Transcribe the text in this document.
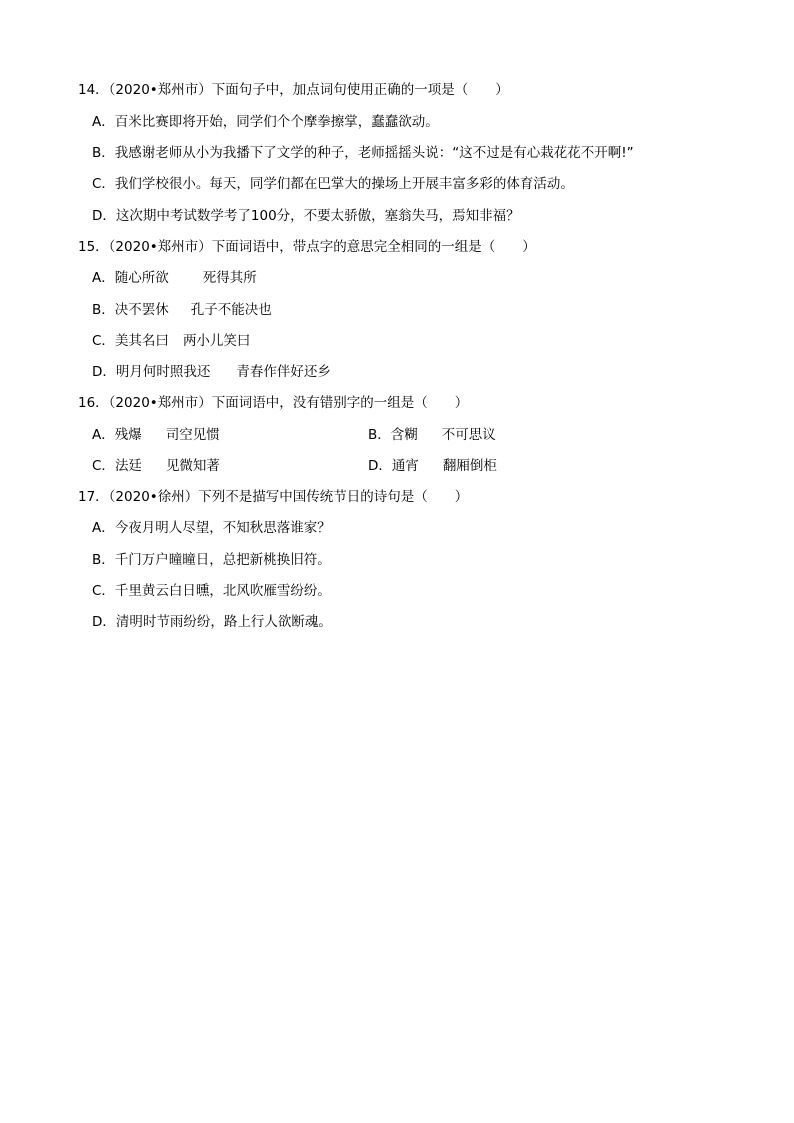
14．（2020•郑州市）下面句子中，加点词句使用正确的一项是（　　）
A．百米比赛即将开始，同学们个个摩拳擦掌，蠢蠢欲动。
B．我感谢老师从小为我播下了文学的种子，老师摇摇头说：“这不过是有心栽花花不开啊!”
C．我们学校很小。每天，同学们都在巴掌大的操场上开展丰富多彩的体育活动。
D．这次期中考试数学考了100分，不要太骄傲，塞翁失马，焉知非福？
15．（2020•郑州市）下面词语中，带点字的意思完全相同的一组是（　　）
A．随心所欲	死得其所
B．决不罢休 孔子不能决也
C．美其名曰 两小儿笑曰
D．明月何时照我还 青春作伴好还乡
16．（2020•郑州市）下面词语中，没有错别字的一组是（　　）
A．残爆 司空见惯	B．含糊 不可思议
C．法廷 见微知著	D．通宵 翻厢倒柜
17．（2020•徐州）下列不是描写中国传统节日的诗句是（　　）
A．今夜月明人尽望，不知秋思落谁家？
B．千门万户曈曈日，总把新桃换旧符。
C．千里黄云白日曛，北风吹雁雪纷纷。
D．清明时节雨纷纷，路上行人欲断魂。
